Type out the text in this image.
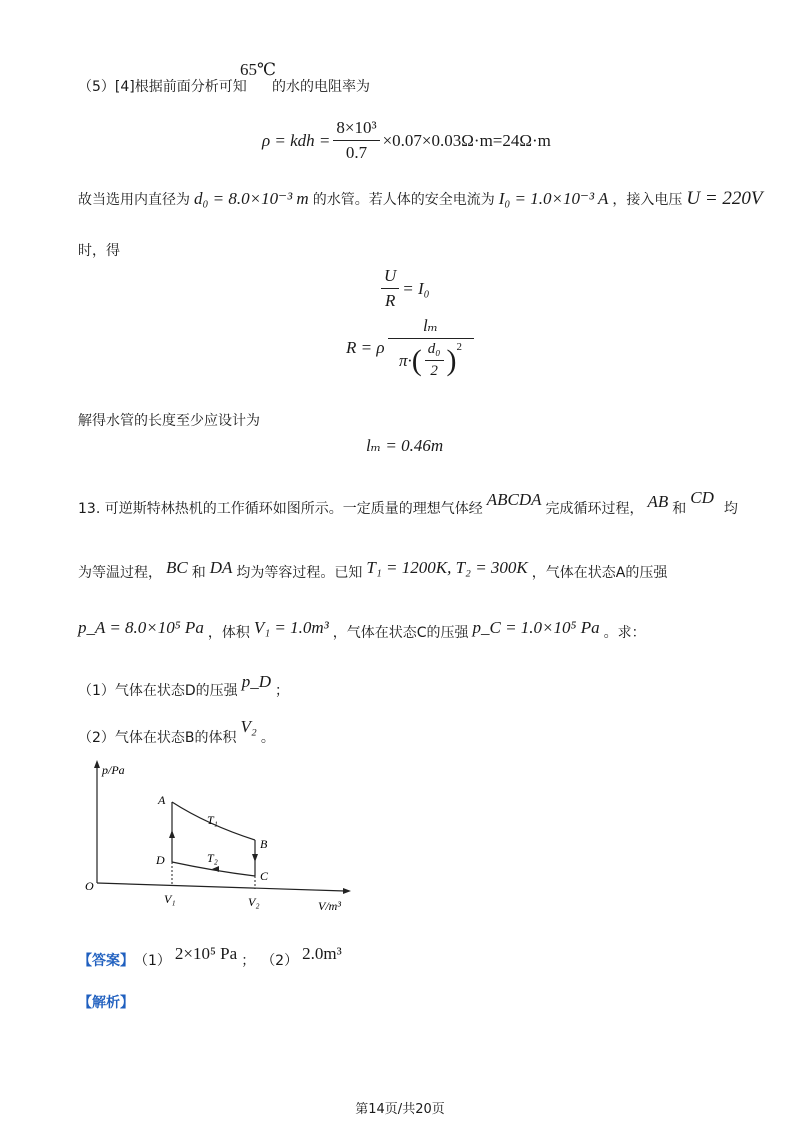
（5）[4]根据前面分析可知
65℃
的水的电阻率为
ρ = kdh = $\frac{\text{8×10³}}{0.7} \times 0.07\times 0.03\Omega\cdot m=24\Omega\cdot m$
故当选用内直径为 d₀ = 8.0×10⁻³ m 的水管。若人体的安全电流为 I₀ = 1.0×10⁻³ A ，接入电压 U = 220V
时，得
$\frac{U}{R} = I_0$
R = ρ
lₘ
π· ( $\frac{\text{d₀}}{2} )^2$
解得水管的长度至少应设计为
lₘ = 0.46m
13. 可逆斯特林热机的工作循环如图所示。一定质量的理想气体经 ABCDA 完成循环过程， AB 和
CD
均
为等温过程， BC 和 DA 均为等容过程。已知 T₁ = 1200K, T₂ = 300K ，气体在状态A的压强
p_A = 8.0×10⁵ Pa ，体积 V₁ = 1.0m³ ，气体在状态C的压强 p_C = 1.0×10⁵ Pa 。求：
（1）气体在状态D的压强 p_D ；
（2）气体在状态B的体积
V₂
。
p/Pa
V/m³
O
A
B
C
D
T₁
T₂
V₁	V₂
【答案】 （1） 2×10⁵ Pa ； （2） 2.0m³
【解析】
第14页/共20页
